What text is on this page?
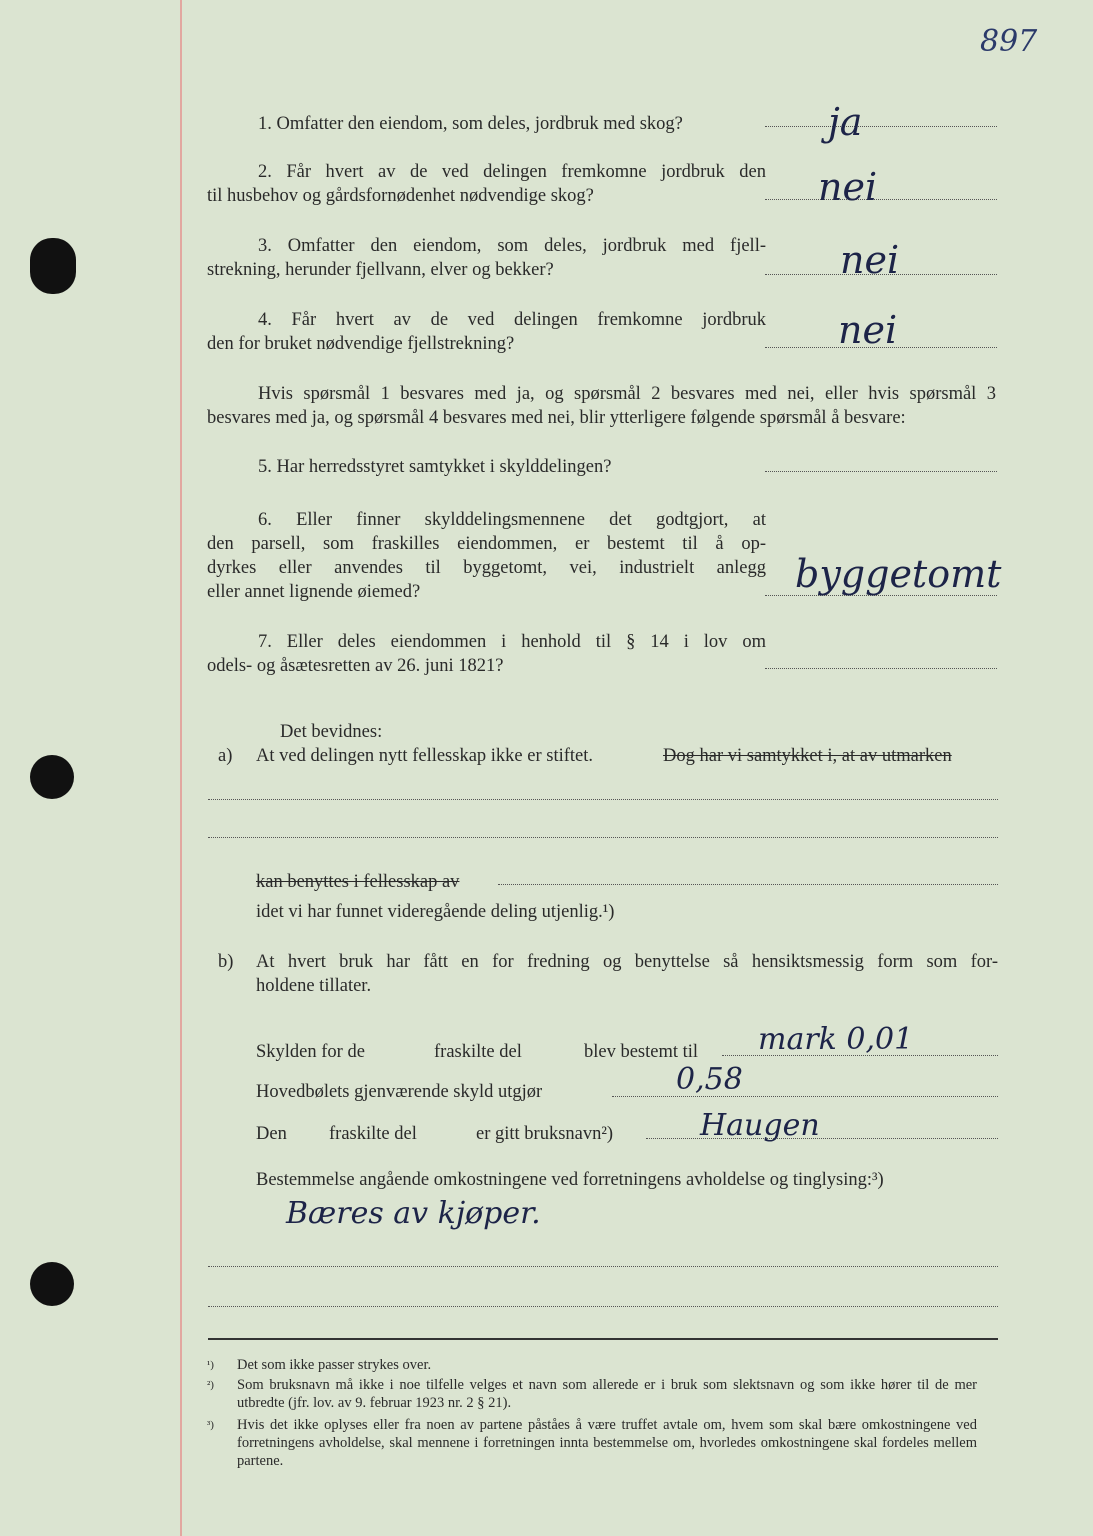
897
1. Omfatter den eiendom, som deles, jordbruk med skog?	ja
2. Får hvert av de ved delingen fremkomne jordbruk den
til husbehov og gårdsfornødenhet nødvendige skog?	nei
3. Omfatter den eiendom, som deles, jordbruk med fjell-
strekning, herunder fjellvann, elver og bekker?	nei
4. Får hvert av de ved delingen fremkomne jordbruk
den for bruket nødvendige fjellstrekning?	nei
Hvis spørsmål 1 besvares med ja, og spørsmål 2 besvares med nei, eller hvis spørsmål 3
besvares med ja, og spørsmål 4 besvares med nei, blir ytterligere følgende spørsmål å besvare:
5. Har herredsstyret samtykket i skylddelingen?
6. Eller finner skylddelingsmennene det godtgjort, at
den parsell, som fraskilles eiendommen, er bestemt til å op-
dyrkes eller anvendes til byggetomt, vei, industrielt anlegg
eller annet lignende øiemed?	byggetomt
7. Eller deles eiendommen i henhold til § 14 i lov om
odels- og åsætesretten av 26. juni 1821?
Det bevidnes:
a) At ved delingen nytt fellesskap ikke er stiftet.	Dog har vi samtykket i, at av utmarken
kan benyttes i fellesskap av
idet vi har funnet videregående deling utjenlig.¹)
b) At hvert bruk har fått en for fredning og benyttelse så hensiktsmessig form som for-
holdene tillater.
Skylden for de	fraskilte del	blev bestemt til mark 0,01
Hovedbølets gjenværende skyld utgjør	0,58
Den fraskilte del	er gitt bruksnavn²)	Haugen
Bestemmelse angående omkostningene ved forretningens avholdelse og tinglysing:³)
Bæres av kjøper.
¹) Det som ikke passer strykes over.
²) Som bruksnavn må ikke i noe tilfelle velges et navn som allerede er i bruk som slektsnavn og som ikke hører til de mer utbredte (jfr. lov. av 9. februar 1923 nr. 2 § 21).
³) Hvis det ikke oplyses eller fra noen av partene påståes å være truffet avtale om, hvem som skal bære omkostningene ved forretningens avholdelse, skal mennene i forretningen innta bestemmelse om, hvorledes omkostningene skal fordeles mellem partene.
